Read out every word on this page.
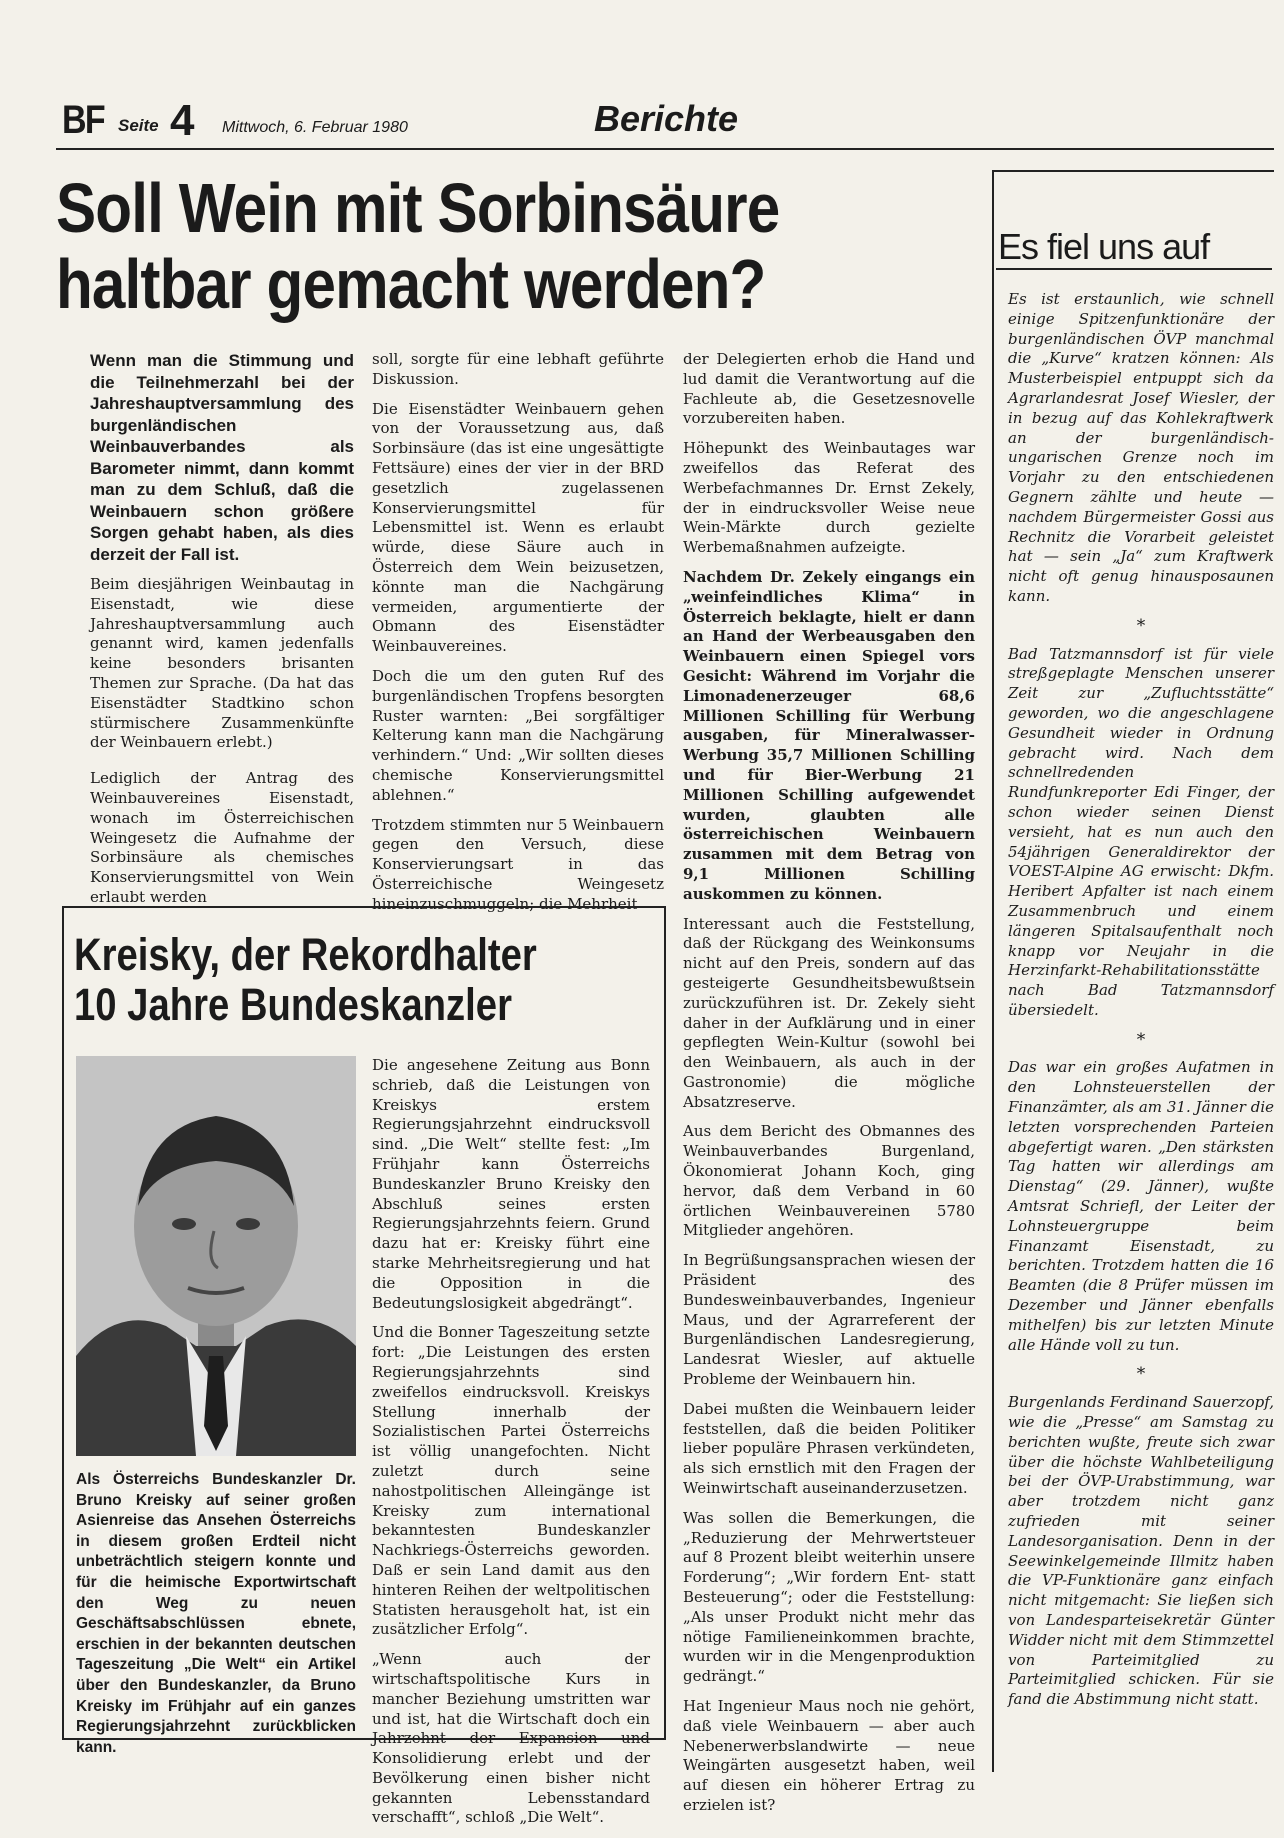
BF Seite 4 Mittwoch, 6. Februar 1980	Berichte
Soll Wein mit Sorbinsäure
haltbar gemacht werden?

Wenn man die Stimmung und die Teilnehmerzahl bei der Jahreshauptversammlung des burgenländischen Weinbauverbandes als Barometer nimmt, dann kommt man zu dem Schluß, daß die Weinbauern schon größere Sorgen gehabt haben, als dies derzeit der Fall ist.

Beim diesjährigen Weinbautag in Eisenstadt, wie diese Jahreshauptversammlung auch genannt wird, kamen jedenfalls keine besonders brisanten Themen zur Sprache. (Da hat das Eisenstädter Stadtkino schon stürmischere Zusammenkünfte der Weinbauern erlebt.)

Lediglich der Antrag des Weinbauvereines Eisenstadt, wonach im Österreichischen Weingesetz die Aufnahme der Sorbinsäure als chemisches Konservierungsmittel von Wein erlaubt werden

soll, sorgte für eine lebhaft geführte Diskussion.

Die Eisenstädter Weinbauern gehen von der Voraussetzung aus, daß Sorbinsäure (das ist eine ungesättigte Fettsäure) eines der vier in der BRD gesetzlich zugelassenen Konservierungsmittel für Lebensmittel ist. Wenn es erlaubt würde, diese Säure auch in Österreich dem Wein beizusetzen, könnte man die Nachgärung vermeiden, argumentierte der Obmann des Eisenstädter Weinbauvereines.

Doch die um den guten Ruf des burgenländischen Tropfens besorgten Ruster warnten: „Bei sorgfältiger Kelterung kann man die Nachgärung verhindern.“ Und: „Wir sollten dieses chemische Konservierungsmittel ablehnen.“

Trotzdem stimmten nur 5 Weinbauern gegen den Versuch, diese Konservierungsart in das Österreichische Weingesetz hineinzuschmuggeln; die Mehrheit

der Delegierten erhob die Hand und lud damit die Verantwortung auf die Fachleute ab, die Gesetzesnovelle vorzubereiten haben.

Höhepunkt des Weinbautages war zweifellos das Referat des Werbefachmannes Dr. Ernst Zekely, der in eindrucksvoller Weise neue Wein-Märkte durch gezielte Werbemaßnahmen aufzeigte.

Nachdem Dr. Zekely eingangs ein „weinfeindliches Klima“ in Österreich beklagte, hielt er dann an Hand der Werbeausgaben den Weinbauern einen Spiegel vors Gesicht: Während im Vorjahr die Limonadenerzeuger 68,6 Millionen Schilling für Werbung ausgaben, für Mineralwasser-Werbung 35,7 Millionen Schilling und für Bier-Werbung 21 Millionen Schilling aufgewendet wurden, glaubten alle österreichischen Weinbauern zusammen mit dem Betrag von 9,1 Millionen Schilling auskommen zu können.

Interessant auch die Feststellung, daß der Rückgang des Weinkonsums nicht auf den Preis, sondern auf das gesteigerte Gesundheitsbewußtsein zurückzuführen ist. Dr. Zekely sieht daher in der Aufklärung und in einer gepflegten Wein-Kultur (sowohl bei den Weinbauern, als auch in der Gastronomie) die mögliche Absatzreserve.

Aus dem Bericht des Obmannes des Weinbauverbandes Burgenland, Ökonomierat Johann Koch, ging hervor, daß dem Verband in 60 örtlichen Weinbauvereinen 5780 Mitglieder angehören.

In Begrüßungsansprachen wiesen der Präsident des Bundesweinbauverbandes, Ingenieur Maus, und der Agrarreferent der Burgenländischen Landesregierung, Landesrat Wiesler, auf aktuelle Probleme der Weinbauern hin.

Dabei mußten die Weinbauern leider feststellen, daß die beiden Politiker lieber populäre Phrasen verkündeten, als sich ernstlich mit den Fragen der Weinwirtschaft auseinanderzusetzen.

Was sollen die Bemerkungen, die „Reduzierung der Mehrwertsteuer auf 8 Prozent bleibt weiterhin unsere Forderung“; „Wir fordern Ent- statt Besteuerung“; oder die Feststellung: „Als unser Produkt nicht mehr das nötige Familieneinkommen brachte, wurden wir in die Mengenproduktion gedrängt.“

Hat Ingenieur Maus noch nie gehört, daß viele Weinbauern — aber auch Nebenerwerbslandwirte — neue Weingärten ausgesetzt haben, weil auf diesen ein höherer Ertrag zu erzielen ist?

Kreisky, der Rekordhalter
10 Jahre Bundeskanzler
Als Österreichs Bundeskanzler Dr. Bruno Kreisky auf seiner großen Asienreise das Ansehen Österreichs in diesem großen Erdteil nicht unbeträchtlich steigern konnte und für die heimische Exportwirtschaft den Weg zu neuen Geschäftsabschlüssen ebnete, erschien in der bekannten deutschen Tageszeitung „Die Welt“ ein Artikel über den Bundeskanzler, da Bruno Kreisky im Frühjahr auf ein ganzes Regierungsjahrzehnt zurückblicken kann.

Die angesehene Zeitung aus Bonn schrieb, daß die Leistungen von Kreiskys erstem Regierungsjahrzehnt eindrucksvoll sind. „Die Welt“ stellte fest: „Im Frühjahr kann Österreichs Bundeskanzler Bruno Kreisky den Abschluß seines ersten Regierungsjahrzehnts feiern. Grund dazu hat er: Kreisky führt eine starke Mehrheitsregierung und hat die Opposition in die Bedeutungslosigkeit abgedrängt“.

Und die Bonner Tageszeitung setzte fort: „Die Leistungen des ersten Regierungsjahrzehnts sind zweifellos eindrucksvoll. Kreiskys Stellung innerhalb der Sozialistischen Partei Österreichs ist völlig unangefochten. Nicht zuletzt durch seine nahostpolitischen Alleingänge ist Kreisky zum international bekanntesten Bundeskanzler Nachkriegs-Österreichs geworden. Daß er sein Land damit aus den hinteren Reihen der weltpolitischen Statisten herausgeholt hat, ist ein zusätzlicher Erfolg“.

„Wenn auch der wirtschaftspolitische Kurs in mancher Beziehung umstritten war und ist, hat die Wirtschaft doch ein Jahrzehnt der Expansion und Konsolidierung erlebt und der Bevölkerung einen bisher nicht gekannten Lebensstandard verschafft“, schloß „Die Welt“.

Es fiel uns auf

Es ist erstaunlich, wie schnell einige Spitzenfunktionäre der burgenländischen ÖVP manchmal die „Kurve“ kratzen können: Als Musterbeispiel entpuppt sich da Agrarlandesrat Josef Wiesler, der in bezug auf das Kohlekraftwerk an der burgenländisch-ungarischen Grenze noch im Vorjahr zu den entschiedenen Gegnern zählte und heute — nachdem Bürgermeister Gossi aus Rechnitz die Vorarbeit geleistet hat — sein „Ja“ zum Kraftwerk nicht oft genug hinausposaunen kann.

*

Bad Tatzmannsdorf ist für viele streßgeplagte Menschen unserer Zeit zur „Zufluchtsstätte“ geworden, wo die angeschlagene Gesundheit wieder in Ordnung gebracht wird. Nach dem schnellredenden Rundfunkreporter Edi Finger, der schon wieder seinen Dienst versieht, hat es nun auch den 54jährigen Generaldirektor der VOEST-Alpine AG erwischt: Dkfm. Heribert Apfalter ist nach einem Zusammenbruch und einem längeren Spitalsaufenthalt noch knapp vor Neujahr in die Herzinfarkt-Rehabilitationsstätte nach Bad Tatzmannsdorf übersiedelt.

*

Das war ein großes Aufatmen in den Lohnsteuerstellen der Finanzämter, als am 31. Jänner die letzten vorsprechenden Parteien abgefertigt waren. „Den stärksten Tag hatten wir allerdings am Dienstag“ (29. Jänner), wußte Amtsrat Schriefl, der Leiter der Lohnsteuergruppe beim Finanzamt Eisenstadt, zu berichten. Trotzdem hatten die 16 Beamten (die 8 Prüfer müssen im Dezember und Jänner ebenfalls mithelfen) bis zur letzten Minute alle Hände voll zu tun.

*

Burgenlands Ferdinand Sauerzopf, wie die „Presse“ am Samstag zu berichten wußte, freute sich zwar über die höchste Wahlbeteiligung bei der ÖVP-Urabstimmung, war aber trotzdem nicht ganz zufrieden mit seiner Landesorganisation. Denn in der Seewinkelgemeinde Illmitz haben die VP-Funktionäre ganz einfach nicht mitgemacht: Sie ließen sich von Landesparteisekretär Günter Widder nicht mit dem Stimmzettel von Parteimitglied zu Parteimitglied schicken. Für sie fand die Abstimmung nicht statt.
